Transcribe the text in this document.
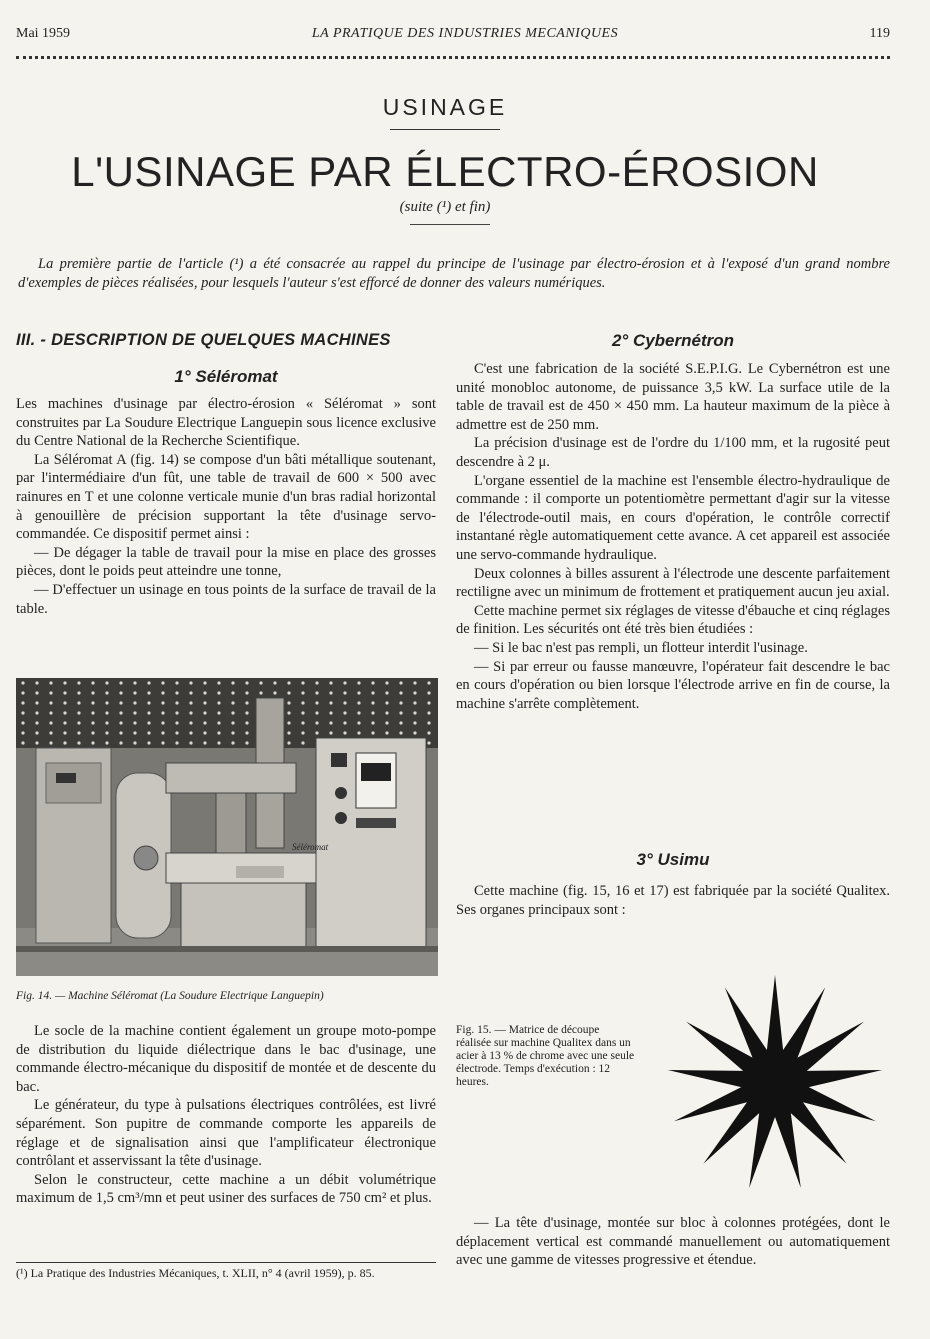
Mai 1959	LA PRATIQUE DES INDUSTRIES MECANIQUES	119
USINAGE
L'USINAGE PAR ÉLECTRO-ÉROSION
(suite (¹) et fin)
La première partie de l'article (¹) a été consacrée au rappel du principe de l'usinage par électro-érosion et à l'exposé d'un grand nombre d'exemples de pièces réalisées, pour lesquels l'auteur s'est efforcé de donner des valeurs numériques.
III. - DESCRIPTION DE QUELQUES MACHINES
1° Séléromat

Les machines d'usinage par électro-érosion « Séléromat » sont construites par La Soudure Electrique Languepin sous licence exclusive du Centre National de la Recherche Scientifique.

La Séléromat A (fig. 14) se compose d'un bâti métallique soutenant, par l'intermédiaire d'un fût, une table de travail de 600 × 500 avec rainures en T et une colonne verticale munie d'un bras radial horizontal à genouillère de précision supportant la tête d'usinage servo-commandée. Ce dispositif permet ainsi :

— De dégager la table de travail pour la mise en place des grosses pièces, dont le poids peut atteindre une tonne,

— D'effectuer un usinage en tous points de la surface de travail de la table.

Séléromat
Fig. 14. — Machine Séléromat (La Soudure Electrique Languepin)

Le socle de la machine contient également un groupe moto-pompe de distribution du liquide diélectrique dans le bac d'usinage, une commande électro-mécanique du dispositif de montée et de descente du bac.

Le générateur, du type à pulsations électriques contrôlées, est livré séparément. Son pupitre de commande comporte les appareils de réglage et de signalisation ainsi que l'amplificateur électronique contrôlant et asservissant la tête d'usinage.

Selon le constructeur, cette machine a un débit volumétrique maximum de 1,5 cm³/mn et peut usiner des surfaces de 750 cm² et plus.

(¹) La Pratique des Industries Mécaniques, t. XLII, n° 4 (avril 1959), p. 85.
2° Cybernétron

C'est une fabrication de la société S.E.P.I.G. Le Cybernétron est une unité monobloc autonome, de puissance 3,5 kW. La surface utile de la table de travail est de 450 × 450 mm. La hauteur maximum de la pièce à admettre est de 250 mm.

La précision d'usinage est de l'ordre du 1/100 mm, et la rugosité peut descendre à 2 μ.

L'organe essentiel de la machine est l'ensemble électro-hydraulique de commande : il comporte un potentiomètre permettant d'agir sur la vitesse de l'électrode-outil mais, en cours d'opération, le contrôle correctif instantané règle automatiquement cette avance. A cet appareil est associée une servo-commande hydraulique.

Deux colonnes à billes assurent à l'électrode une descente parfaitement rectiligne avec un minimum de frottement et pratiquement aucun jeu axial.

Cette machine permet six réglages de vitesse d'ébauche et cinq réglages de finition. Les sécurités ont été très bien étudiées :

— Si le bac n'est pas rempli, un flotteur interdit l'usinage.

— Si par erreur ou fausse manœuvre, l'opérateur fait descendre le bac en cours d'opération ou bien lorsque l'électrode arrive en fin de course, la machine s'arrête complètement.

3° Usimu

Cette machine (fig. 15, 16 et 17) est fabriquée par la société Qualitex. Ses organes principaux sont :

Fig. 15. — Matrice de découpe réalisée sur machine Qualitex dans un acier à 13 % de chrome avec une seule électrode. Temps d'exécution : 12 heures.

— La tête d'usinage, montée sur bloc à colonnes protégées, dont le déplacement vertical est commandé manuellement ou automatiquement avec une gamme de vitesses progressive et étendue.
